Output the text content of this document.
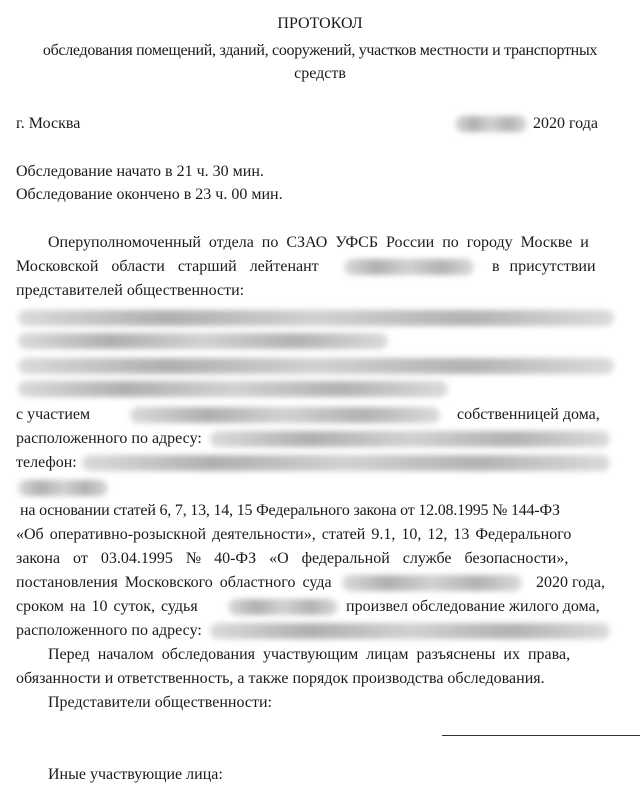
ПРОТОКОЛ
обследования помещений, зданий, сооружений, участков местности и транспортных
средств
г. Москва	2020 года
Обследование начато в 21 ч. 30 мин.
Обследование окончено в 23 ч. 00 мин.
Оперуполномоченный отдела по СЗАО УФСБ России по городу Москве и
Московской области старший лейтенант	в присутствии
представителей общественности:
с участием	собственницей дома,
расположенного по адресу:
телефон:
на основании статей 6, 7, 13, 14, 15 Федерального закона от 12.08.1995 № 144-ФЗ
«Об оперативно-розыскной деятельности», статей 9.1, 10, 12, 13 Федерального
закона от 03.04.1995 № 40-ФЗ «О федеральной службе безопасности»,
постановления Московского областного суда	2020 года,
сроком на 10 суток, судья	произвел обследование жилого дома,
расположенного по адресу:
Перед началом обследования участвующим лицам разъяснены их права,
обязанности и ответственность, а также порядок производства обследования.
Представители общественности:
Иные участвующие лица:
